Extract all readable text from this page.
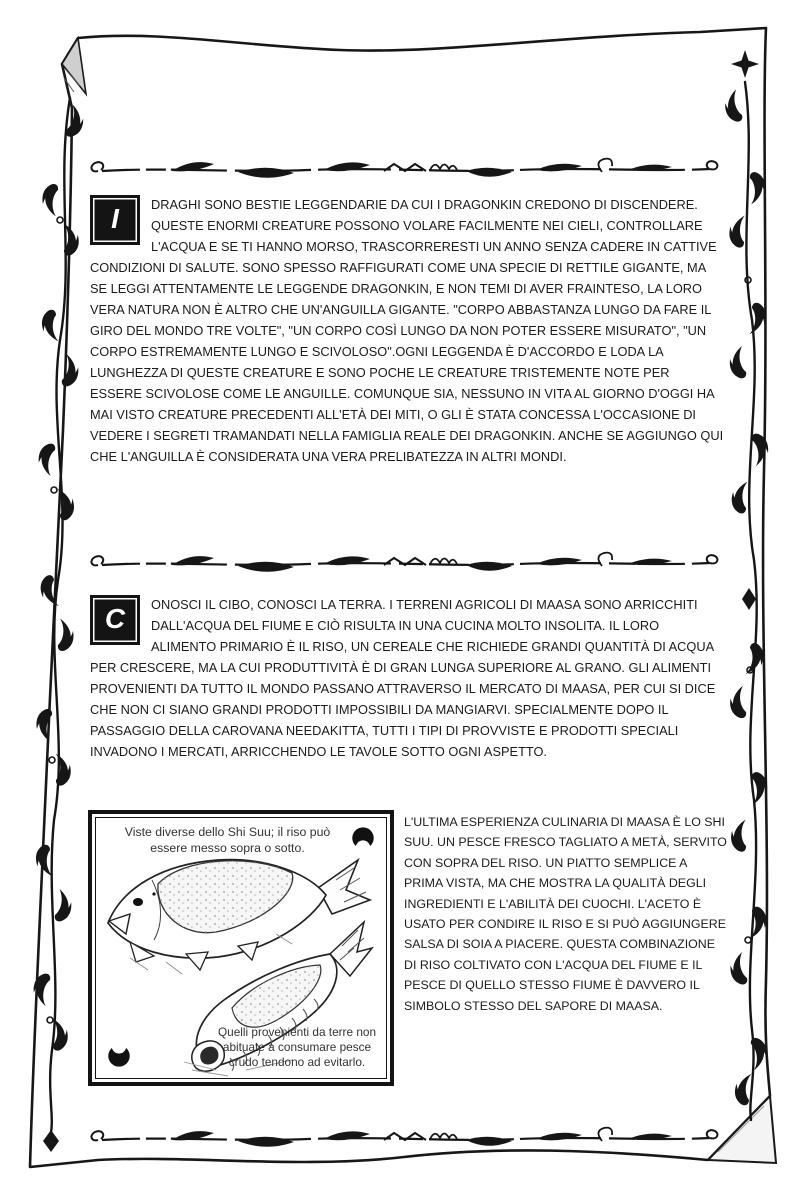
I	DRAGHI SONO BESTIE LEGGENDARIE DA CUI I DRAGONKIN CREDONO DI DISCENDERE. QUESTE ENORMI CREATURE POSSONO VOLARE FACILMENTE NEI CIELI, CONTROLLARE L'ACQUA E SE TI HANNO MORSO, TRASCORRERESTI UN ANNO SENZA CADERE IN CATTIVE CONDIZIONI DI SALUTE. SONO SPESSO RAFFIGURATI COME UNA SPECIE DI RETTILE GIGANTE, MA SE LEGGI ATTENTAMENTE LE LEGGENDE DRAGONKIN, E NON TEMI DI AVER FRAINTESO, LA LORO VERA NATURA NON È ALTRO CHE UN'ANGUILLA GIGANTE. "CORPO ABBASTANZA LUNGO DA FARE IL GIRO DEL MONDO TRE VOLTE", "UN CORPO COSÌ LUNGO DA NON POTER ESSERE MISURATO", "UN CORPO ESTREMAMENTE LUNGO E SCIVOLOSO".OGNI LEGGENDA È D'ACCORDO E LODA LA LUNGHEZZA DI QUESTE CREATURE E SONO POCHE LE CREATURE TRISTEMENTE NOTE PER ESSERE SCIVOLOSE COME LE ANGUILLE. COMUNQUE SIA, NESSUNO IN VITA AL GIORNO D'OGGI HA MAI VISTO CREATURE PRECEDENTI ALL'ETÀ DEI MITI, O GLI È STATA CONCESSA L'OCCASIONE DI VEDERE I SEGRETI TRAMANDATI NELLA FAMIGLIA REALE DEI DRAGONKIN. ANCHE SE AGGIUNGO QUI CHE L'ANGUILLA È CONSIDERATA UNA VERA PRELIBATEZZA IN ALTRI MONDI.

C	ONOSCI IL CIBO, CONOSCI LA TERRA. I TERRENI AGRICOLI DI MAASA SONO ARRICCHITI DALL'ACQUA DEL FIUME E CIÒ RISULTA IN UNA CUCINA MOLTO INSOLITA. IL LORO ALIMENTO PRIMARIO È IL RISO, UN CEREALE CHE RICHIEDE GRANDI QUANTITÀ DI ACQUA PER CRESCERE, MA LA CUI PRODUTTIVITÀ È DI GRAN LUNGA SUPERIORE AL GRANO. GLI ALIMENTI PROVENIENTI DA TUTTO IL MONDO PASSANO ATTRAVERSO IL MERCATO DI MAASA, PER CUI SI DICE CHE NON CI SIANO GRANDI PRODOTTI IMPOSSIBILI DA MANGIARVI. SPECIALMENTE DOPO IL PASSAGGIO DELLA CAROVANA NEEDAKITTA, TUTTI I TIPI DI PROVVISTE E PRODOTTI SPECIALI INVADONO I MERCATI, ARRICCHENDO LE TAVOLE SOTTO OGNI ASPETTO.

Viste diverse dello Shi Suu; il riso può essere messo sopra o sotto.
Quelli provenienti da terre non abituate a consumare pesce crudo tendono ad evitarlo.
L'ULTIMA ESPERIENZA CULINARIA DI MAASA È LO SHI SUU. UN PESCE FRESCO TAGLIATO A METÀ, SERVITO CON SOPRA DEL RISO. UN PIATTO SEMPLICE A PRIMA VISTA, MA CHE MOSTRA LA QUALITÀ DEGLI INGREDIENTI E L'ABILITÀ DEI CUOCHI. L'ACETO È USATO PER CONDIRE IL RISO E SI PUÒ AGGIUNGERE SALSA DI SOIA A PIACERE. QUESTA COMBINAZIONE DI RISO COLTIVATO CON L'ACQUA DEL FIUME E IL PESCE DI QUELLO STESSO FIUME È DAVVERO IL SIMBOLO STESSO DEL SAPORE DI MAASA.
